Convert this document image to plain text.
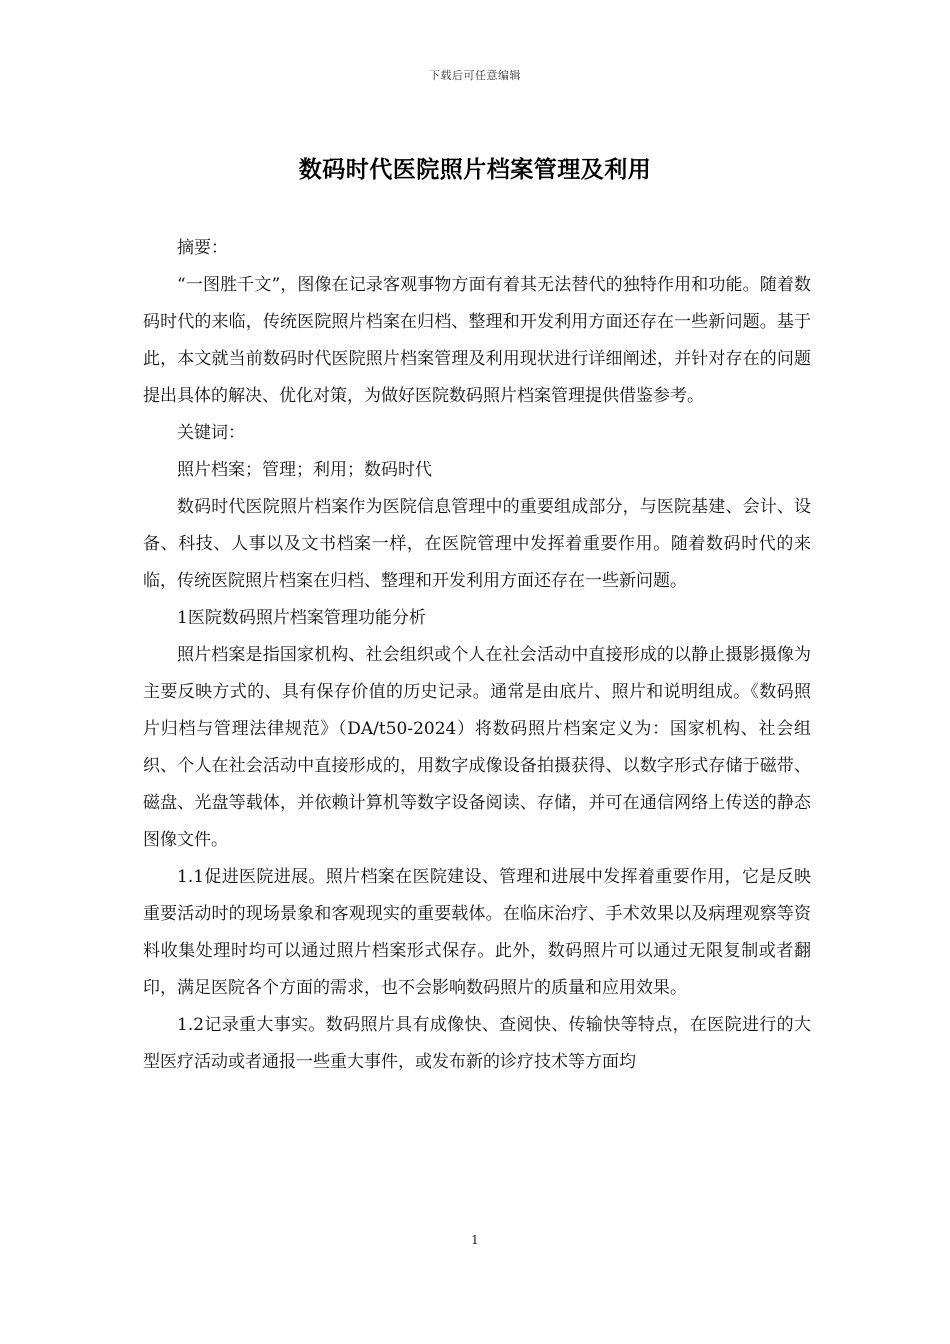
下载后可任意编辑
数码时代医院照片档案管理及利用

摘要：

“一图胜千文”，图像在记录客观事物方面有着其无法替代的独特作用和功能。随着数码时代的来临，传统医院照片档案在归档、整理和开发利用方面还存在一些新问题。基于此，本文就当前数码时代医院照片档案管理及利用现状进行详细阐述，并针对存在的问题提出具体的解决、优化对策，为做好医院数码照片档案管理提供借鉴参考。

关键词：

照片档案；管理；利用；数码时代

数码时代医院照片档案作为医院信息管理中的重要组成部分，与医院基建、会计、设备、科技、人事以及文书档案一样，在医院管理中发挥着重要作用。随着数码时代的来临，传统医院照片档案在归档、整理和开发利用方面还存在一些新问题。

1医院数码照片档案管理功能分析

照片档案是指国家机构、社会组织或个人在社会活动中直接形成的以静止摄影摄像为主要反映方式的、具有保存价值的历史记录。通常是由底片、照片和说明组成。《数码照片归档与管理法律规范》（DA/t50-2024）将数码照片档案定义为：国家机构、社会组织、个人在社会活动中直接形成的，用数字成像设备拍摄获得、以数字形式存储于磁带、磁盘、光盘等载体，并依赖计算机等数字设备阅读、存储，并可在通信网络上传送的静态图像文件。

1.1促进医院进展。照片档案在医院建设、管理和进展中发挥着重要作用，它是反映重要活动时的现场景象和客观现实的重要载体。在临床治疗、手术效果以及病理观察等资料收集处理时均可以通过照片档案形式保存。此外，数码照片可以通过无限复制或者翻印，满足医院各个方面的需求，也不会影响数码照片的质量和应用效果。

1.2记录重大事实。数码照片具有成像快、查阅快、传输快等特点，在医院进行的大型医疗活动或者通报一些重大事件，或发布新的诊疗技术等方面均

1
